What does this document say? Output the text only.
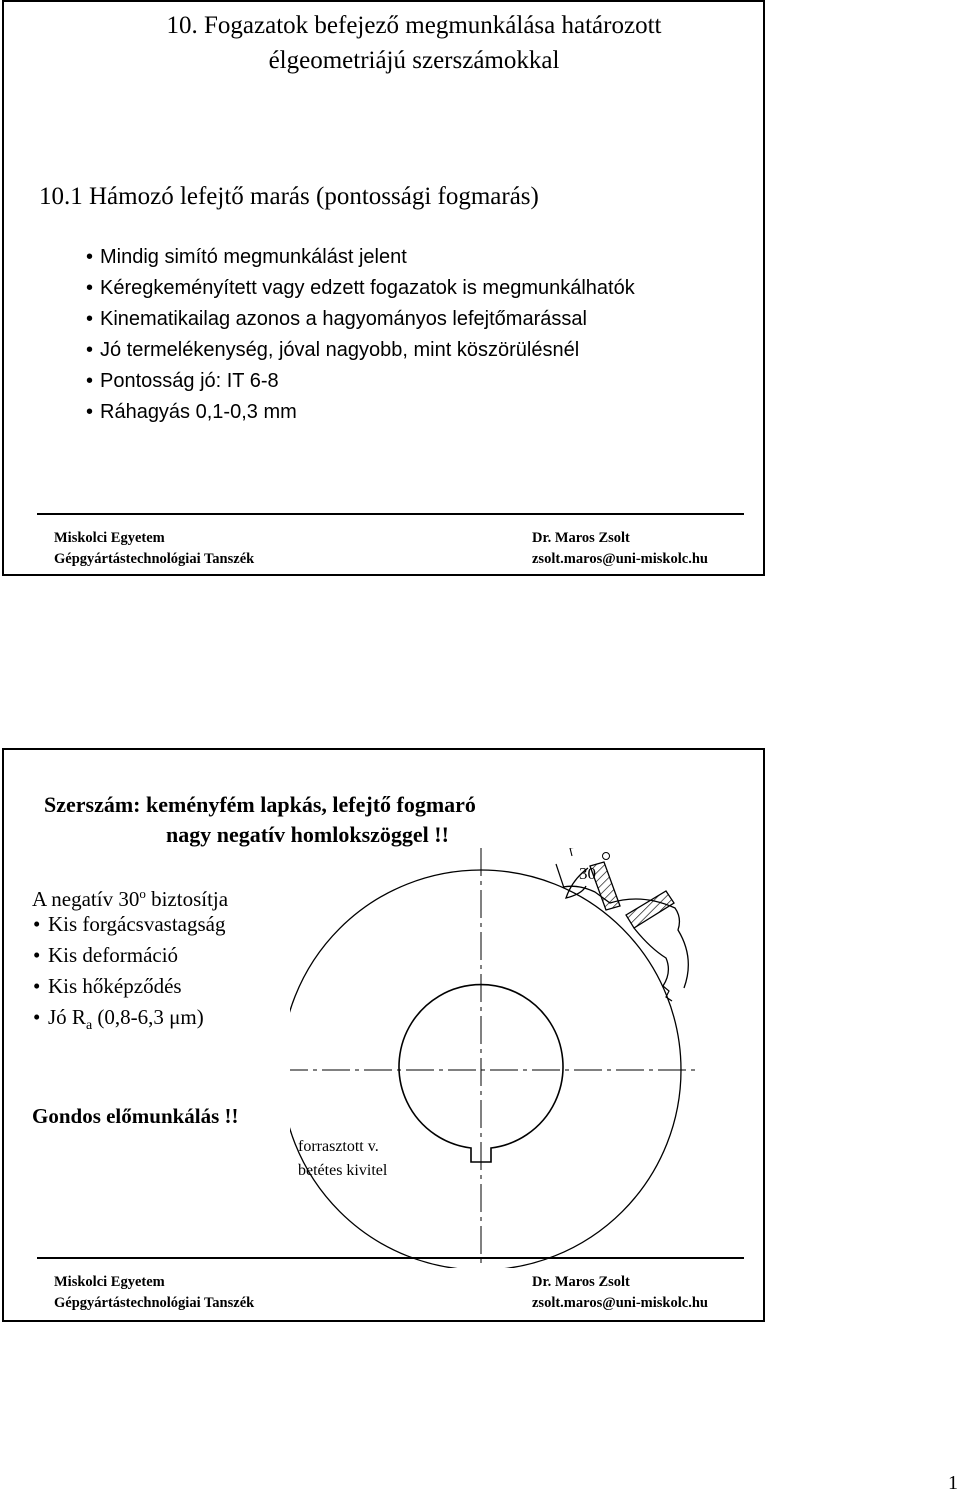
10. Fogazatok befejező megmunkálása határozott
élgeometriájú szerszámokkal
10.1 Hámozó lefejtő marás (pontossági fogmarás)
• Mindig simító megmunkálást jelent
• Kéregkeményített vagy edzett fogazatok is megmunkálhatók
• Kinematikailag azonos a hagyományos lefejtőmarással
• Jó termelékenység, jóval nagyobb, mint köszörülésnél
• Pontosság jó: IT 6-8
• Ráhagyás 0,1-0,3 mm
Miskolci Egyetem
Gépgyártástechnológiai Tanszék
Dr. Maros Zsolt
zsolt.maros@uni-miskolc.hu
Szerszám: keményfém lapkás, lefejtő fogmaró
nagy negatív homlokszöggel !!
A negatív 30$^o$ biztosítja
• Kis forgácsvastagság
• Kis deformáció
• Kis hőképződés
• Jó $R_a$ (0,8-6,3 μm)
Gondos előmunkálás !!
30
forrasztott v.
betétes kivitel
Miskolci Egyetem
Gépgyártástechnológiai Tanszék
Dr. Maros Zsolt
zsolt.maros@uni-miskolc.hu
1
